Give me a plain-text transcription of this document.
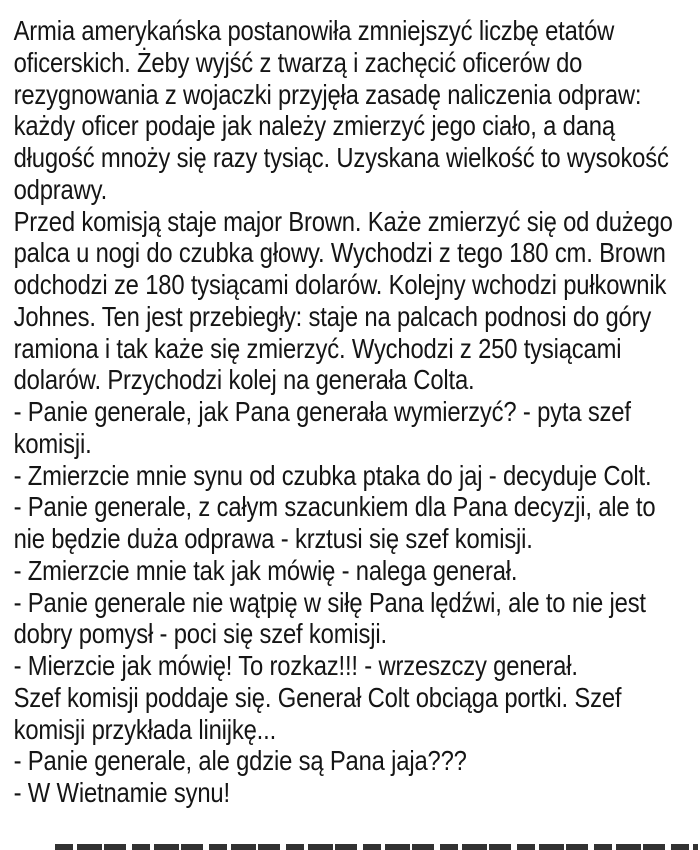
Armia amerykańska postanowiła zmniejszyć liczbę etatów
oficerskich. Żeby wyjść z twarzą i zachęcić oficerów do
rezygnowania z wojaczki przyjęła zasadę naliczenia odpraw:
każdy oficer podaje jak należy zmierzyć jego ciało, a daną
długość mnoży się razy tysiąc. Uzyskana wielkość to wysokość
odprawy.
Przed komisją staje major Brown. Każe zmierzyć się od dużego
palca u nogi do czubka głowy. Wychodzi z tego 180 cm. Brown
odchodzi ze 180 tysiącami dolarów. Kolejny wchodzi pułkownik
Johnes. Ten jest przebiegły: staje na palcach podnosi do góry
ramiona i tak każe się zmierzyć. Wychodzi z 250 tysiącami
dolarów. Przychodzi kolej na generała Colta.
- Panie generale, jak Pana generała wymierzyć? - pyta szef
komisji.
- Zmierzcie mnie synu od czubka ptaka do jaj - decyduje Colt.
- Panie generale, z całym szacunkiem dla Pana decyzji, ale to
nie będzie duża odprawa - krztusi się szef komisji.
- Zmierzcie mnie tak jak mówię - nalega generał.
- Panie generale nie wątpię w siłę Pana lędźwi, ale to nie jest
dobry pomysł - poci się szef komisji.
- Mierzcie jak mówię! To rozkaz!!! - wrzeszczy generał.
Szef komisji poddaje się. Generał Colt obciąga portki. Szef
komisji przykłada linijkę...
- Panie generale, ale gdzie są Pana jaja???
- W Wietnamie synu!
